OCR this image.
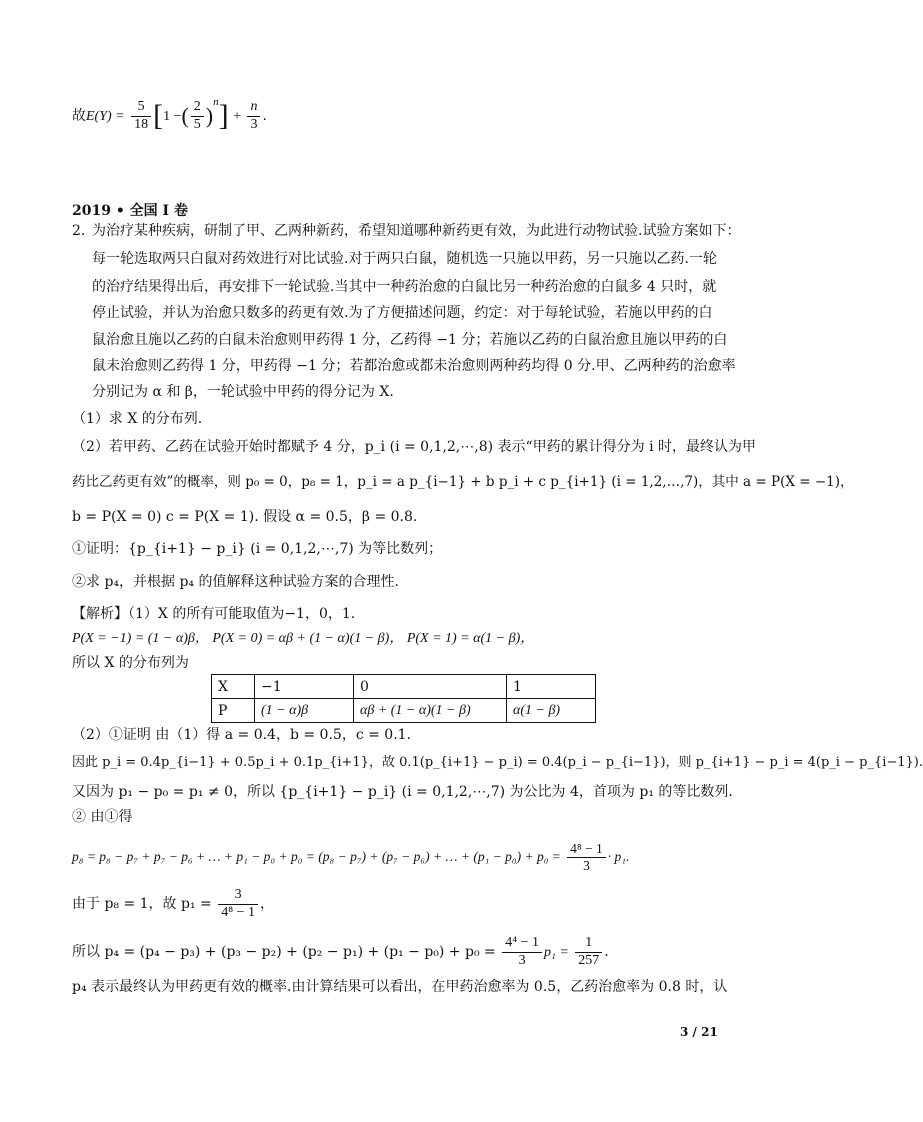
故$E(Y) = \frac{5}{18} [1$ −( $\frac{2}{5} )^n] + \frac{n}{3}$ .
2019 • 全国 I 卷
2. 为治疗某种疾病，研制了甲、乙两种新药，希望知道哪种新药更有效，为此进行动物试验.试验方案如下：
每一轮选取两只白鼠对药效进行对比试验.对于两只白鼠，随机选一只施以甲药，另一只施以乙药.一轮
的治疗结果得出后，再安排下一轮试验.当其中一种药治愈的白鼠比另一种药治愈的白鼠多 4 只时，就
停止试验，并认为治愈只数多的药更有效.为了方便描述问题，约定：对于每轮试验，若施以甲药的白
鼠治愈且施以乙药的白鼠未治愈则甲药得 1 分，乙药得 −1 分；若施以乙药的白鼠治愈且施以甲药的白
鼠未治愈则乙药得 1 分，甲药得 −1 分；若都治愈或都未治愈则两种药均得 0 分.甲、乙两种药的治愈率
分别记为 α 和 β，一轮试验中甲药的得分记为 X.
（1）求 X 的分布列.
（2）若甲药、乙药在试验开始时都赋予 4 分，p_i (i = 0,1,2,⋯,8) 表示“甲药的累计得分为 i 时，最终认为甲
药比乙药更有效”的概率，则 p₀ = 0，p₈ = 1，p_i = a p_{i−1} + b p_i + c p_{i+1} (i = 1,2,…,7)，其中 a = P(X = −1)，
b = P(X = 0) c = P(X = 1). 假设 α = 0.5，β = 0.8.
①证明：{p_{i+1} − p_i} (i = 0,1,2,⋯,7) 为等比数列；
②求 p₄，并根据 p₄ 的值解释这种试验方案的合理性.
【解析】（1）X 的所有可能取值为−1，0，1.
P(X = −1) = (1 − α)β， P(X = 0) = αβ + (1 − α)(1 − β)， P(X = 1) = α(1 − β)，
所以 X 的分布列为
X	−1	0	1
P	(1 − α)β	αβ + (1 − α)(1 − β)	α(1 − β)
（2）①证明 由（1）得 a = 0.4，b = 0.5，c = 0.1.
因此 p_i = 0.4p_{i−1} + 0.5p_i + 0.1p_{i+1}，故 0.1(p_{i+1} − p_i) = 0.4(p_i − p_{i−1})，则 p_{i+1} − p_i = 4(p_i − p_{i−1}).
又因为 p₁ − p₀ = p₁ ≠ 0，所以 {p_{i+1} − p_i} (i = 0,1,2,⋯,7) 为公比为 4，首项为 p₁ 的等比数列.
② 由①得
p₈ = p₈ − p₇ + p₇ − p₆ + … + p₁ − p₀ + p₀ = (p₈ − p₇) + (p₇ − p₆) + … + $(p_1 - p_0) + p_0 = \frac{\text{4⁸ − 1}}{3} \cdot p_1$.
由于 p₈ = 1，故 $p_1 = \frac{3}{\text{4⁸ − 1}}$ ，
所以 $p_4 = (p_4 - p_3) + (p_3 - p_2) + (p_2 - p_1) + (p_1 - p_0) + p_0 = \frac{\text{4⁴ − 1}}{3} p_1 = \frac{1}{257}$ .
p₄ 表示最终认为甲药更有效的概率.由计算结果可以看出，在甲药治愈率为 0.5，乙药治愈率为 0.8 时，认
3 / 21
